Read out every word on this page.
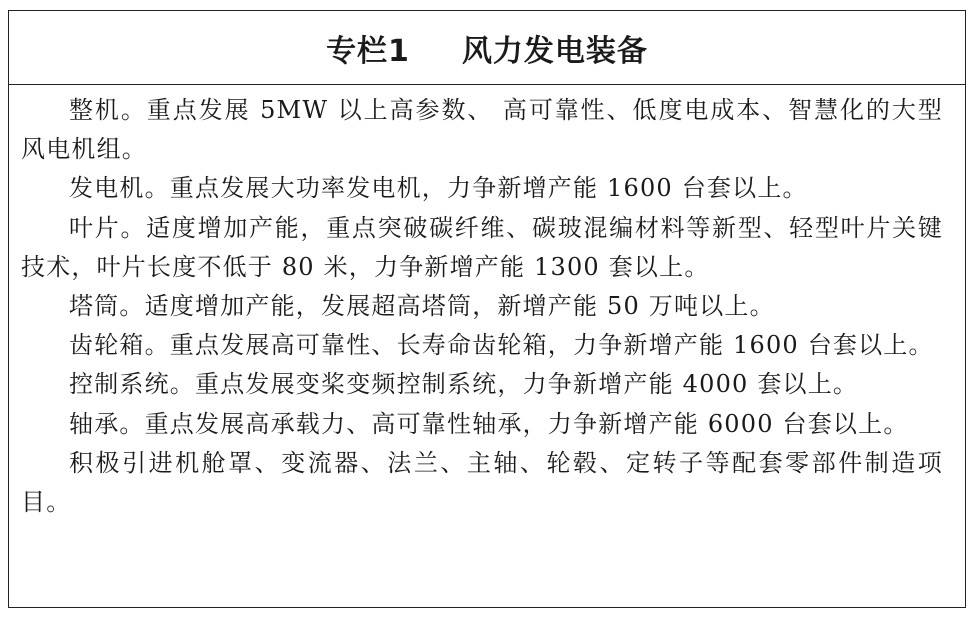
专栏1 风力发电装备

整机。重点发展 5MW 以上高参数、 高可靠性、低度电成本、智慧化的大型风电机组。

发电机。重点发展大功率发电机，力争新增产能 1600 台套以上。

叶片。适度增加产能，重点突破碳纤维、碳玻混编材料等新型、轻型叶片关键技术，叶片长度不低于 80 米，力争新增产能 1300 套以上。

塔筒。适度增加产能，发展超高塔筒，新增产能 50 万吨以上。

齿轮箱。重点发展高可靠性、长寿命齿轮箱，力争新增产能 1600 台套以上。

控制系统。重点发展变桨变频控制系统，力争新增产能 4000 套以上。

轴承。重点发展高承载力、高可靠性轴承，力争新增产能 6000 台套以上。

积极引进机舱罩、变流器、法兰、主轴、轮毂、定转子等配套零部件制造项目。
